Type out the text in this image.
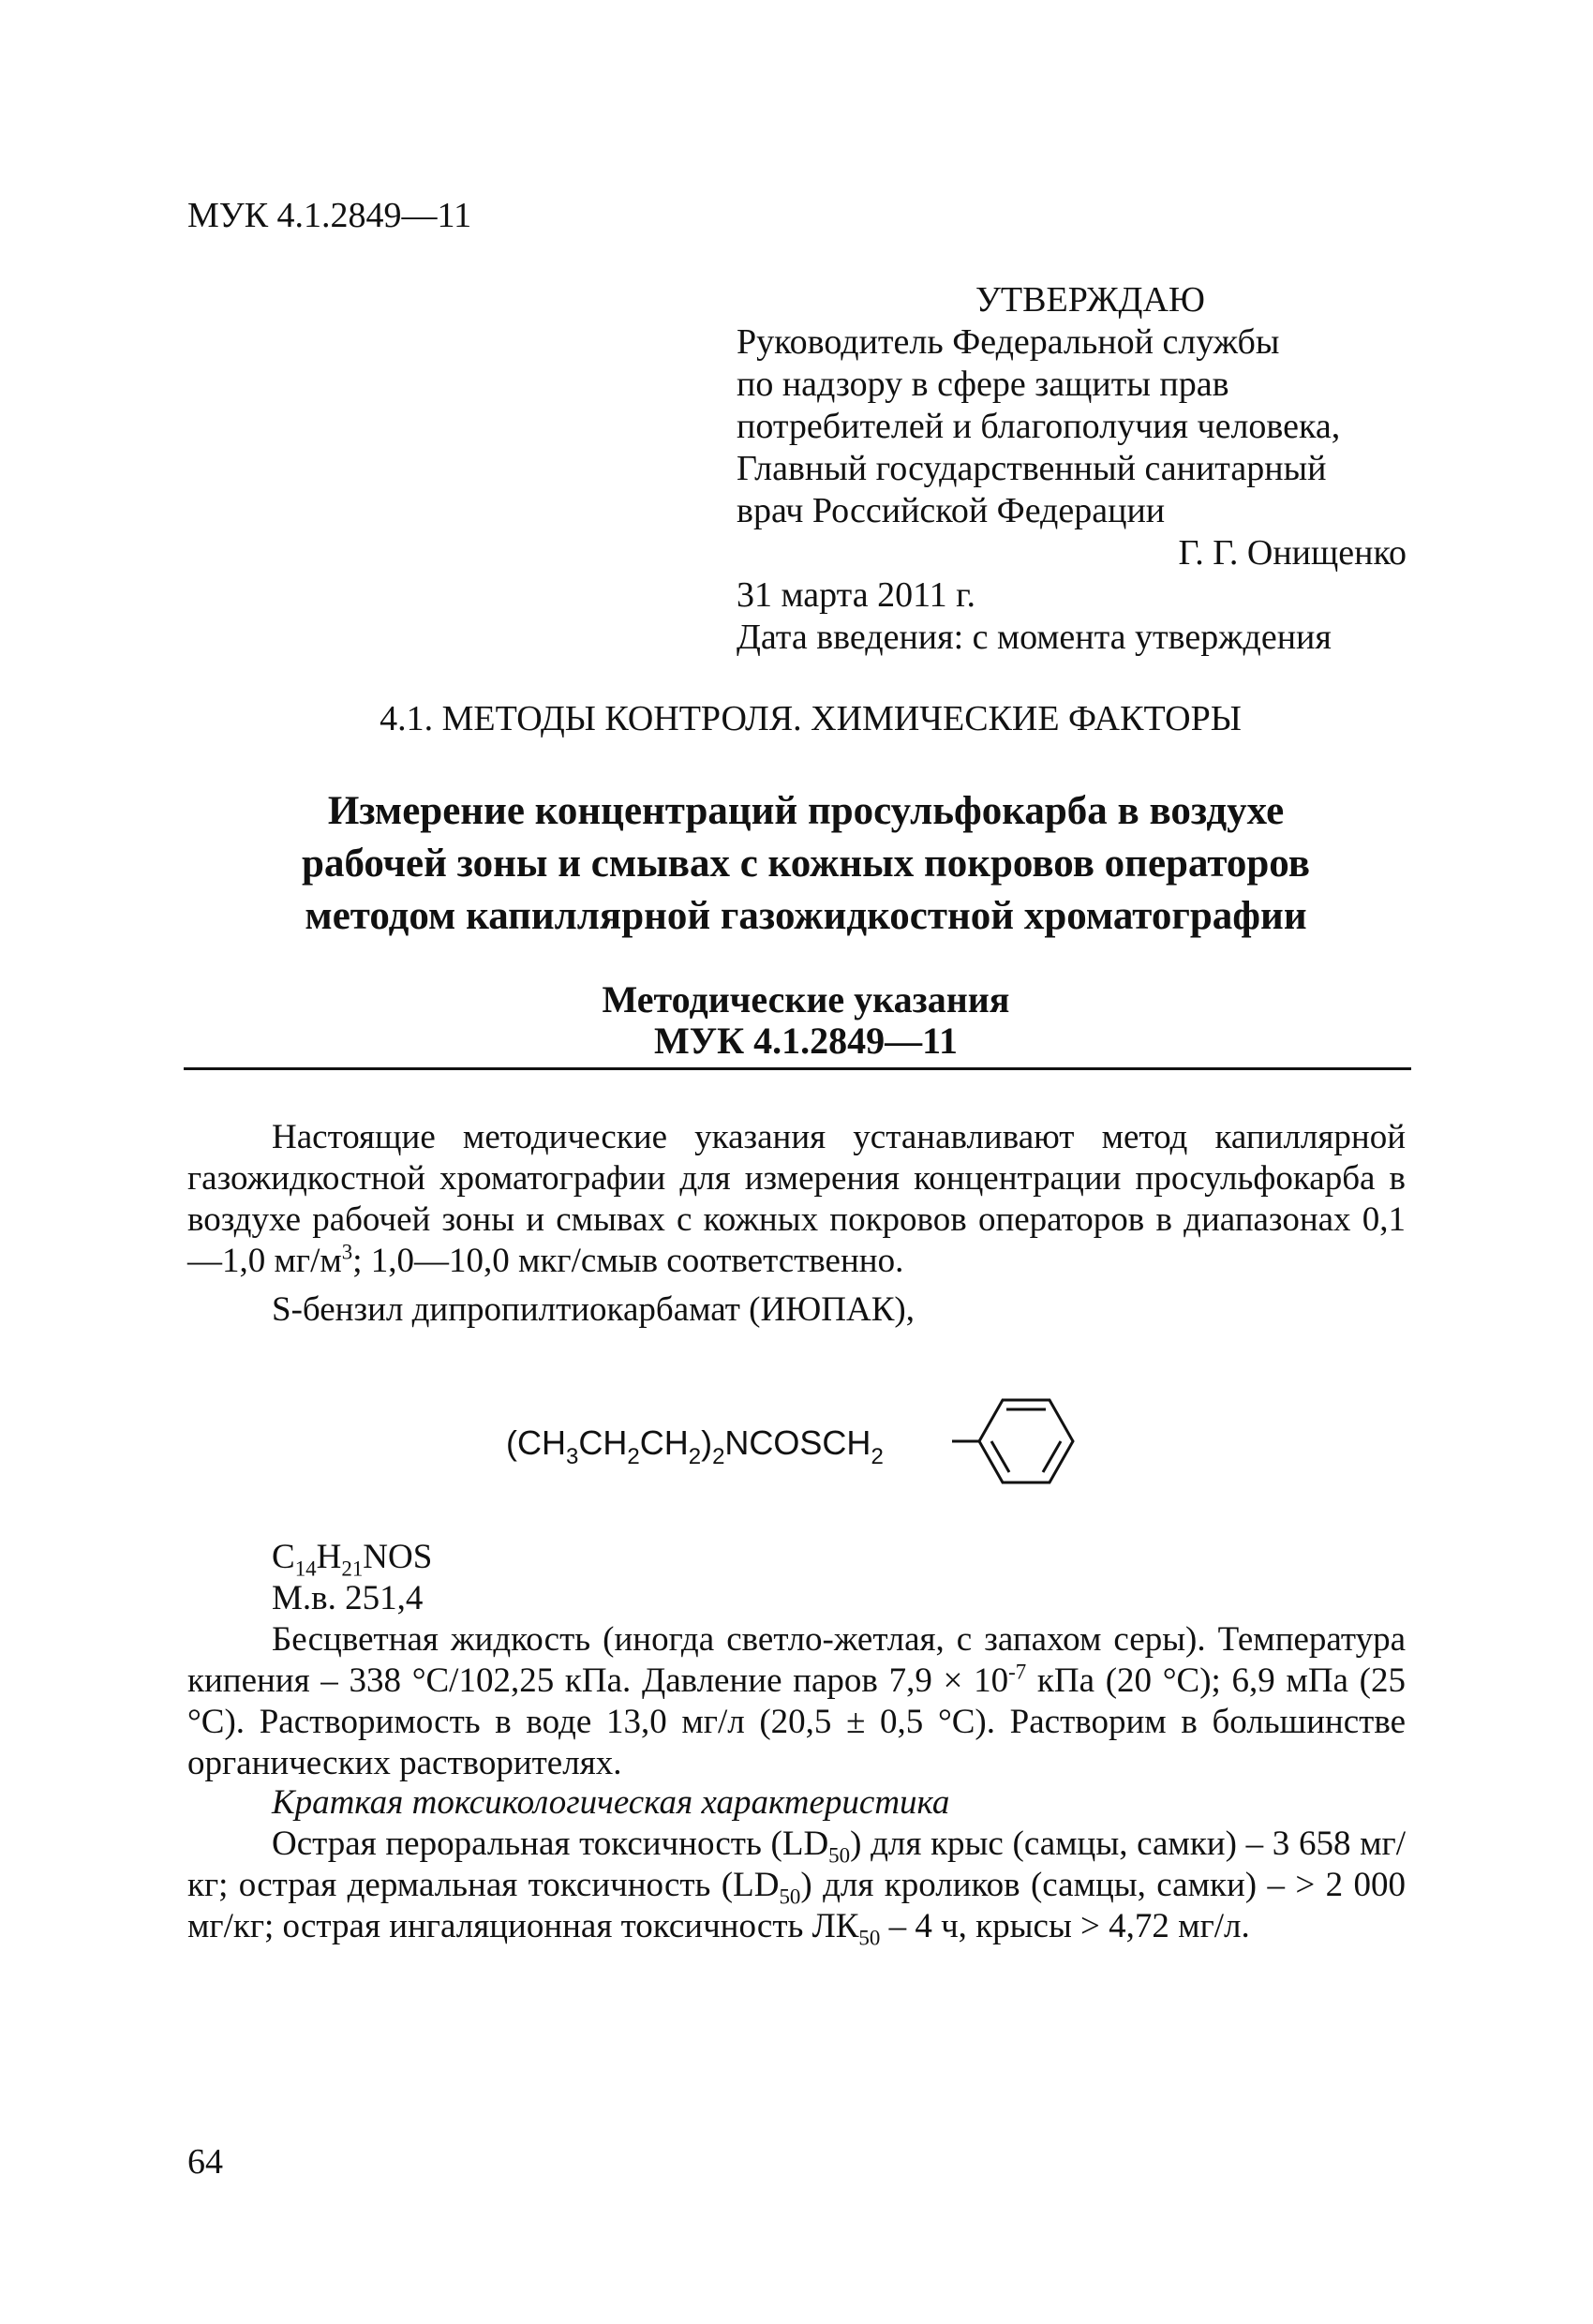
МУК 4.1.2849—11
УТВЕРЖДАЮ
Руководитель Федеральной службы
по надзору в сфере защиты прав
потребителей и благополучия человека,
Главный государственный санитарный
врач Российской Федерации
Г. Г. Онищенко
31 марта 2011 г.
Дата введения: с момента утверждения
4.1. МЕТОДЫ КОНТРОЛЯ. ХИМИЧЕСКИЕ ФАКТОРЫ
Измерение концентраций просульфокарба в воздухе
рабочей зоны и смывах с кожных покровов операторов
методом капиллярной газожидкостной хроматографии
Методические указания
МУК 4.1.2849—11
Настоящие методические указания устанавливают метод капиллярной газожидкостной хроматографии для измерения концентрации просульфокарба в воздухе рабочей зоны и смывах с кожных покровов операторов в диапазонах 0,1—1,0 $мг/м^3$; 1,0—10,0 мкг/смыв соответственно.
S-бензил дипропилтиокарбамат (ИЮПАК),
$(CH_3CH_2CH_2)_2NCOSCH_2$
$C_{14}H_{21}NOS$
М.в. 251,4
Бесцветная жидкость (иногда светло-жетлая, с запахом серы). Температура кипения – 338 °С/102,25 кПа. Давление паров $7,9 \times 10^{-7}$ кПа (20 °С); 6,9 мПа (25 °С). Растворимость в воде 13,0 мг/л (20,5 ± 0,5 °С). Растворим в большинстве органических растворителях.
Краткая токсикологическая характеристика
Острая пероральная токсичность $(LD_{50})$ для крыс (самцы, самки) – 3 658 мг/кг; острая дермальная токсичность $(LD_{50})$ для кроликов (самцы, самки) – > 2 000 мг/кг; острая ингаляционная токсичность $ЛК_{50} - 4$ ч, крысы > 4,72 мг/л.
64
